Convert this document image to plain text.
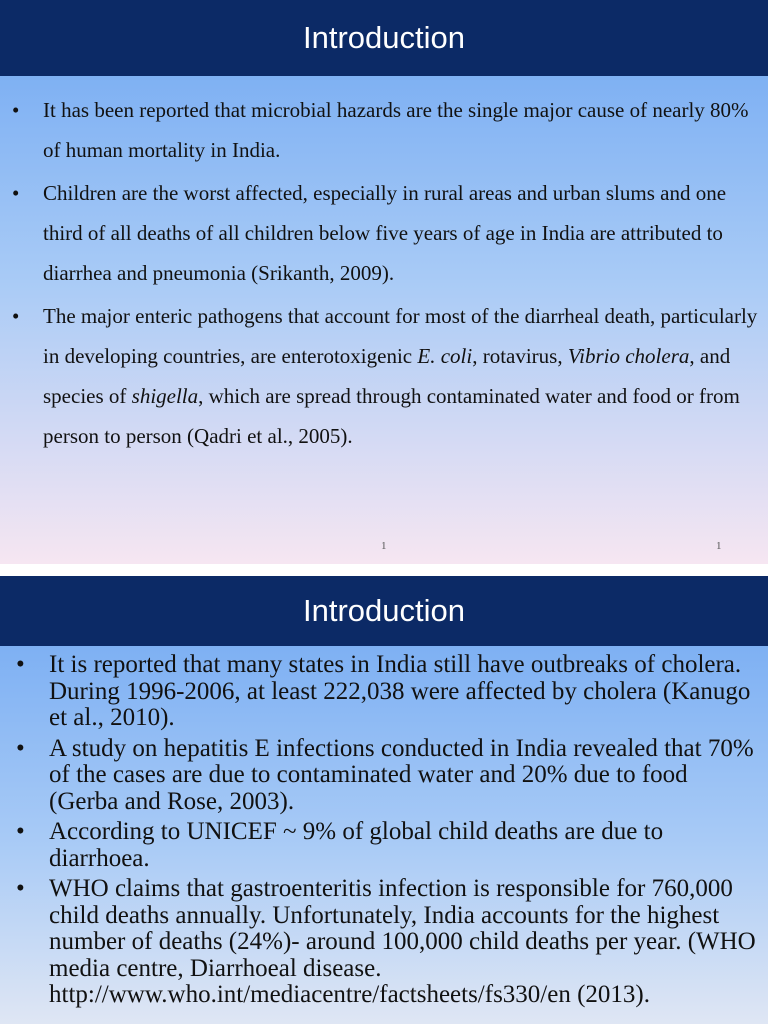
Introduction
• It has been reported that microbial hazards are the single major cause of nearly 80% of human mortality in India.
• Children are the worst affected, especially in rural areas and urban slums and one third of all deaths of all children below five years of age in India are attributed to diarrhea and pneumonia (Srikanth, 2009).
• The major enteric pathogens that account for most of the diarrheal death, particularly in developing countries, are enterotoxigenic E. coli, rotavirus, Vibrio cholera, and species of shigella, which are spread through contaminated water and food or from person to person (Qadri et al., 2005).
1	1
Introduction
• It is reported that many states in India still have outbreaks of cholera. During 1996-2006, at least 222,038 were affected by cholera (Kanugo et al., 2010).
• A study on hepatitis E infections conducted in India revealed that 70% of the cases are due to contaminated water and 20% due to food (Gerba and Rose, 2003).
• According to UNICEF ~ 9% of global child deaths are due to diarrhoea.
• WHO claims that gastroenteritis infection is responsible for 760,000 child deaths annually. Unfortunately, India accounts for the highest number of deaths (24%)- around 100,000 child deaths per year. (WHO media centre, Diarrhoeal disease. http://www.who.int/mediacentre/factsheets/fs330/en (2013).
